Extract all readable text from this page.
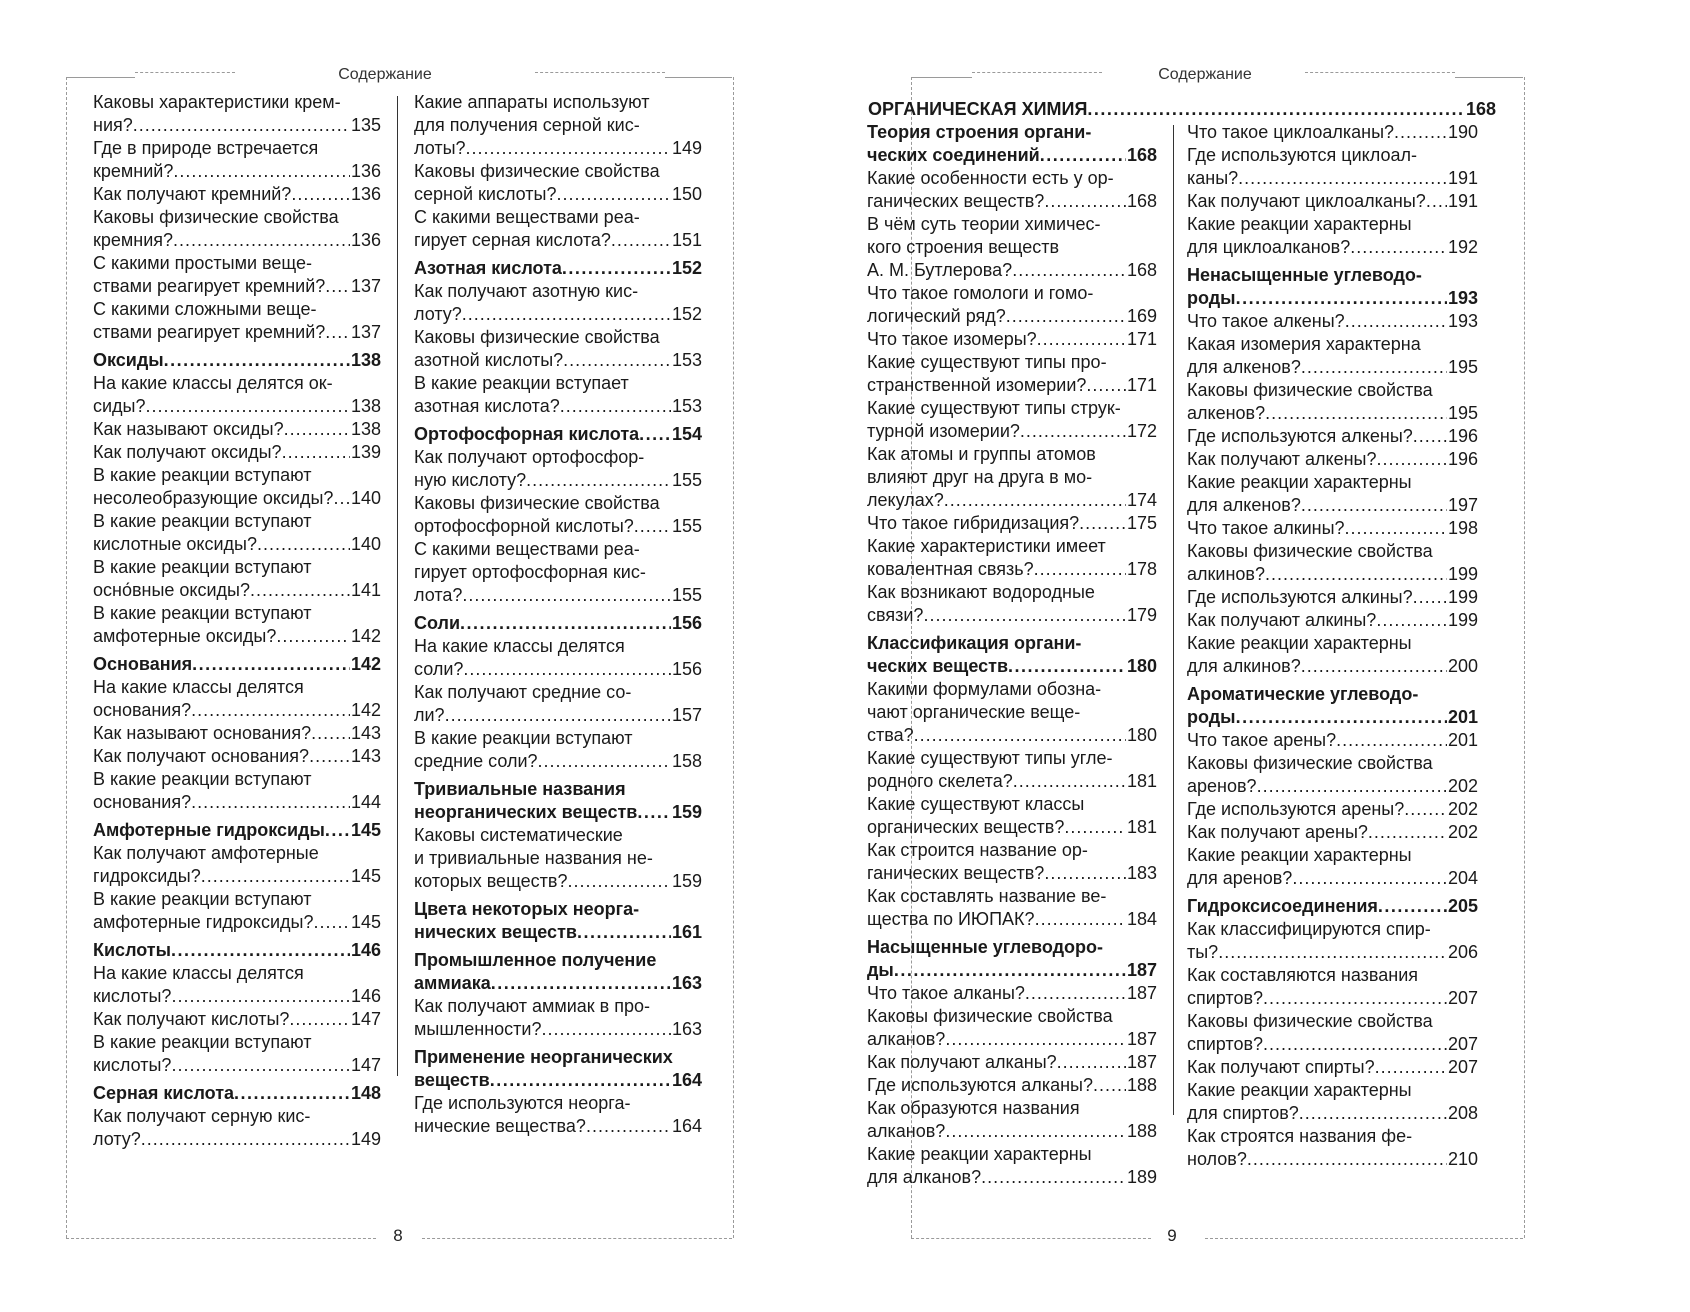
Содержание
8
Каковы характеристики крем-
ния? .....	135
Где в природе встречается
кремний? .....	136
Как получают кремний? .....	136
Каковы физические свойства
кремния? .....	136
С какими простыми веще-
ствами реагирует кремний? ..... 137
С какими сложными веще-
ствами реагирует кремний? ..... 137
Оксиды .....	138
На какие классы делятся ок-
сиды? .....	138
Как называют оксиды? .....	138
Как получают оксиды? .....	139
В какие реакции вступают
несолеобразующие оксиды? ..... 140
В какие реакции вступают
кислотные оксиды? .....	140
В какие реакции вступают
осно́вные оксиды? .....	141
В какие реакции вступают
амфотерные оксиды? .....	142
Основания .....	142
На какие классы делятся
основания? .....	142
Как называют основания? ..... 143
Как получают основания? ..... 143
В какие реакции вступают
основания? .....	144
Амфотерные гидроксиды ..... 145
Как получают амфотерные
гидроксиды? .....	145
В какие реакции вступают
амфотерные гидроксиды? ..... 145
Кислоты .....	146
На какие классы делятся
кислоты? .....	146
Как получают кислоты? .....	147
В какие реакции вступают
кислоты? .....	147
Серная кислота .....	148
Как получают серную кис-
лоту? .....	149
Какие аппараты используют
для получения серной кис-
лоты? .....	149
Каковы физические свойства
серной кислоты? .....	150
С какими веществами реа-
гирует серная кислота? .....	151
Азотная кислота .....	152
Как получают азотную кис-
лоту? .....	152
Каковы физические свойства
азотной кислоты? .....	153
В какие реакции вступает
азотная кислота? .....	153
Ортофосфорная кислота ..... 154
Как получают ортофосфор-
ную кислоту? .....	155
Каковы физические свойства
ортофосфорной кислоты? ..... 155
С какими веществами реа-
гирует ортофосфорная кис-
лота? .....	155
Соли .....	156
На какие классы делятся
соли? .....	156
Как получают средние со-
ли? .....	157
В какие реакции вступают
средние соли? .....	158
Тривиальные названия
неорганических веществ ..... 159
Каковы систематические
и тривиальные названия не-
которых веществ? .....	159
Цвета некоторых неорга-
нических веществ .....	161
Промышленное получение
аммиака .....	163
Как получают аммиак в про-
мышленности? .....	163
Применение неорганических
веществ .....	164
Где используются неорга-
нические вещества? .....	164
Содержание
9
ОРГАНИЧЕСКАЯ ХИМИЯ .....	168
Теория строения органи-
ческих соединений .....	168
Какие особенности есть у ор-
ганических веществ? .....	168
В чём суть теории химичес-
кого строения веществ
А. М. Бутлерова? .....	168
Что такое гомологи и гомо-
логический ряд? .....	169
Что такое изомеры? .....	171
Какие существуют типы про-
странственной изомерии? ..... 171
Какие существуют типы струк-
турной изомерии? .....	172
Как атомы и группы атомов
влияют друг на друга в мо-
лекулах? .....	174
Что такое гибридизация? .....	175
Какие характеристики имеет
ковалентная связь? .....	178
Как возникают водородные
связи? .....	179
Классификация органи-
ческих веществ .....	180
Какими формулами обозна-
чают органические веще-
ства? .....	180
Какие существуют типы угле-
родного скелета? .....	181
Какие существуют классы
органических веществ? .....	181
Как строится название ор-
ганических веществ? .....	183
Как составлять название ве-
щества по ИЮПАК? .....	184
Насыщенные углеводоро-
ды .....	187
Что такое алканы? .....	187
Каковы физические свойства
алканов? .....	187
Как получают алканы? .....	187
Где используются алканы? ..... 188
Как образуются названия
алканов? .....	188
Какие реакции характерны
для алканов? .....	189
Что такое циклоалканы? .....	190
Где используются циклоал-
каны? .....	191
Как получают циклоалканы? ..... 191
Какие реакции характерны
для циклоалканов? .....	192
Ненасыщенные углеводо-
роды .....	193
Что такое алкены? .....	193
Какая изомерия характерна
для алкенов? .....	195
Каковы физические свойства
алкенов? .....	195
Где используются алкены? ..... 196
Как получают алкены? .....	196
Какие реакции характерны
для алкенов? .....	197
Что такое алкины? .....	198
Каковы физические свойства
алкинов? .....	199
Где используются алкины? ..... 199
Как получают алкины? .....	199
Какие реакции характерны
для алкинов? .....	200
Ароматические углеводо-
роды .....	201
Что такое арены? .....	201
Каковы физические свойства
аренов? .....	202
Где используются арены? ..... 202
Как получают арены? .....	202
Какие реакции характерны
для аренов? .....	204
Гидроксисоединения .....	205
Как классифицируются спир-
ты? .....	206
Как составляются названия
спиртов? .....	207
Каковы физические свойства
спиртов? .....	207
Как получают спирты? .....	207
Какие реакции характерны
для спиртов? .....	208
Как строятся названия фе-
нолов? .....	210
